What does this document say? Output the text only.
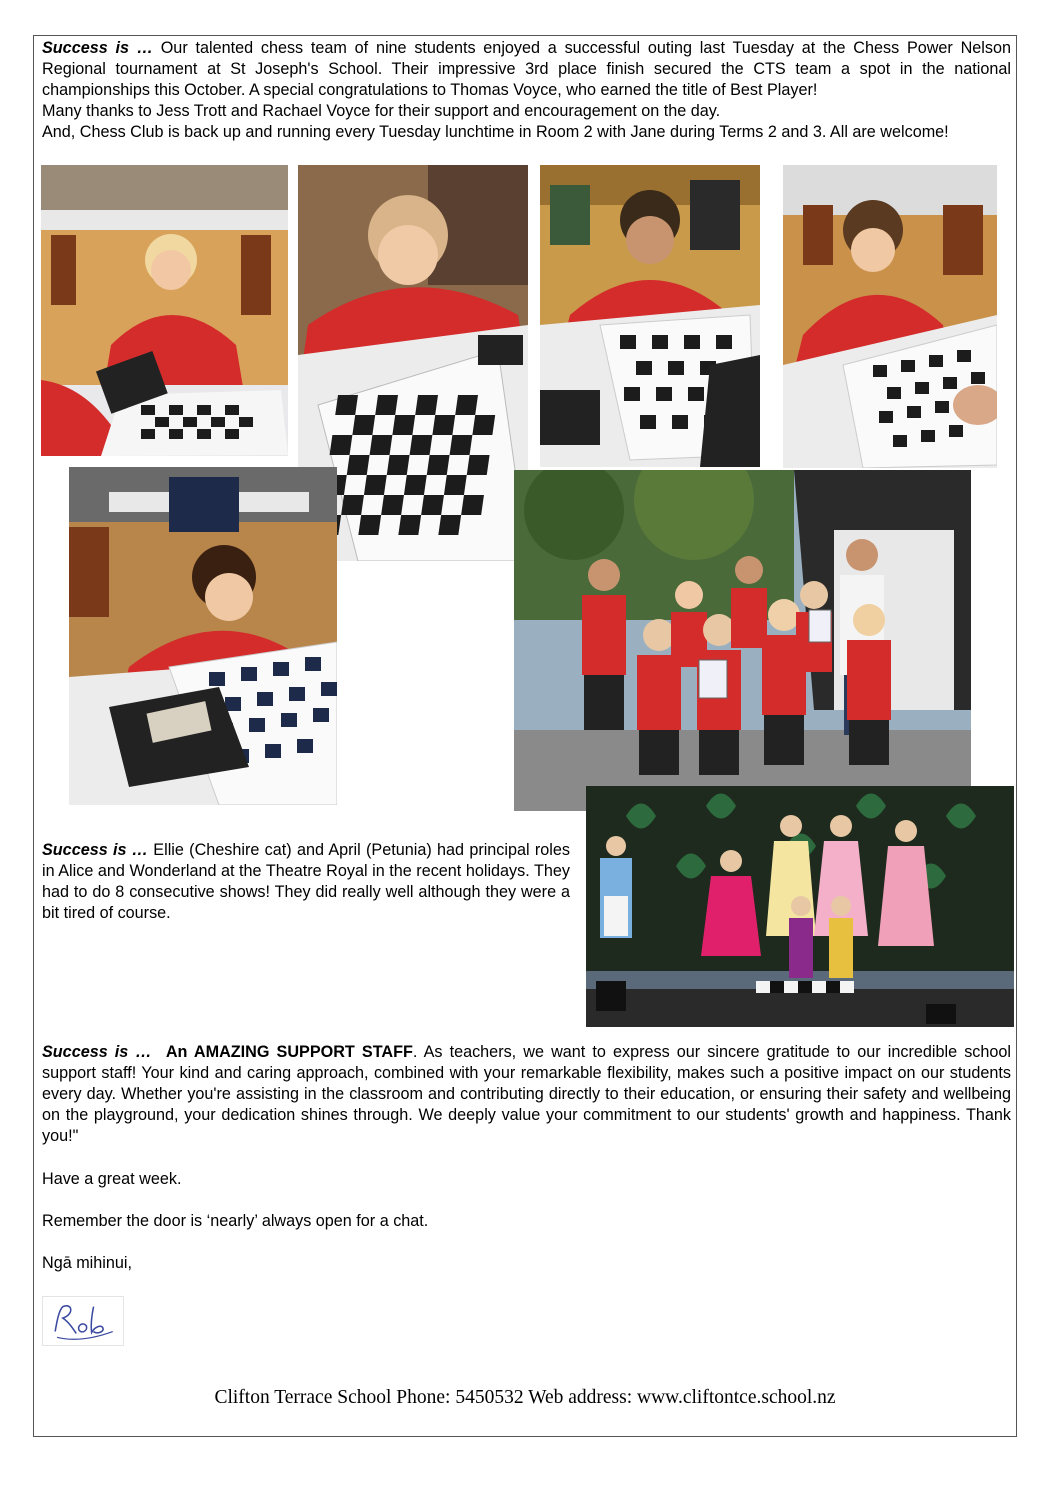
Success is … Our talented chess team of nine students enjoyed a successful outing last Tuesday at the Chess Power Nelson Regional tournament at St Joseph's School. Their impressive 3rd place finish secured the CTS team a spot in the national championships this October. A special congratulations to Thomas Voyce, who earned the title of Best Player!
Many thanks to Jess Trott and Rachael Voyce for their support and encouragement on the day.
And, Chess Club is back up and running every Tuesday lunchtime in Room 2 with Jane during Terms 2 and 3. All are welcome!
Success is … Ellie (Cheshire cat) and April (Petunia) had principal roles in Alice and Wonderland at the Theatre Royal in the recent holidays. They had to do 8 consecutive shows! They did really well although they were a bit tired of course.
Success is … An AMAZING SUPPORT STAFF. As teachers, we want to express our sincere gratitude to our incredible school support staff! Your kind and caring approach, combined with your remarkable flexibility, makes such a positive impact on our students every day. Whether you're assisting in the classroom and contributing directly to their education, or ensuring their safety and wellbeing on the playground, your dedication shines through. We deeply value your commitment to our students' growth and happiness. Thank you!"
Have a great week.
Remember the door is ‘nearly’ always open for a chat.
Ngā mihinui,
Clifton Terrace School Phone: 5450532 Web address: www.cliftontce.school.nz
